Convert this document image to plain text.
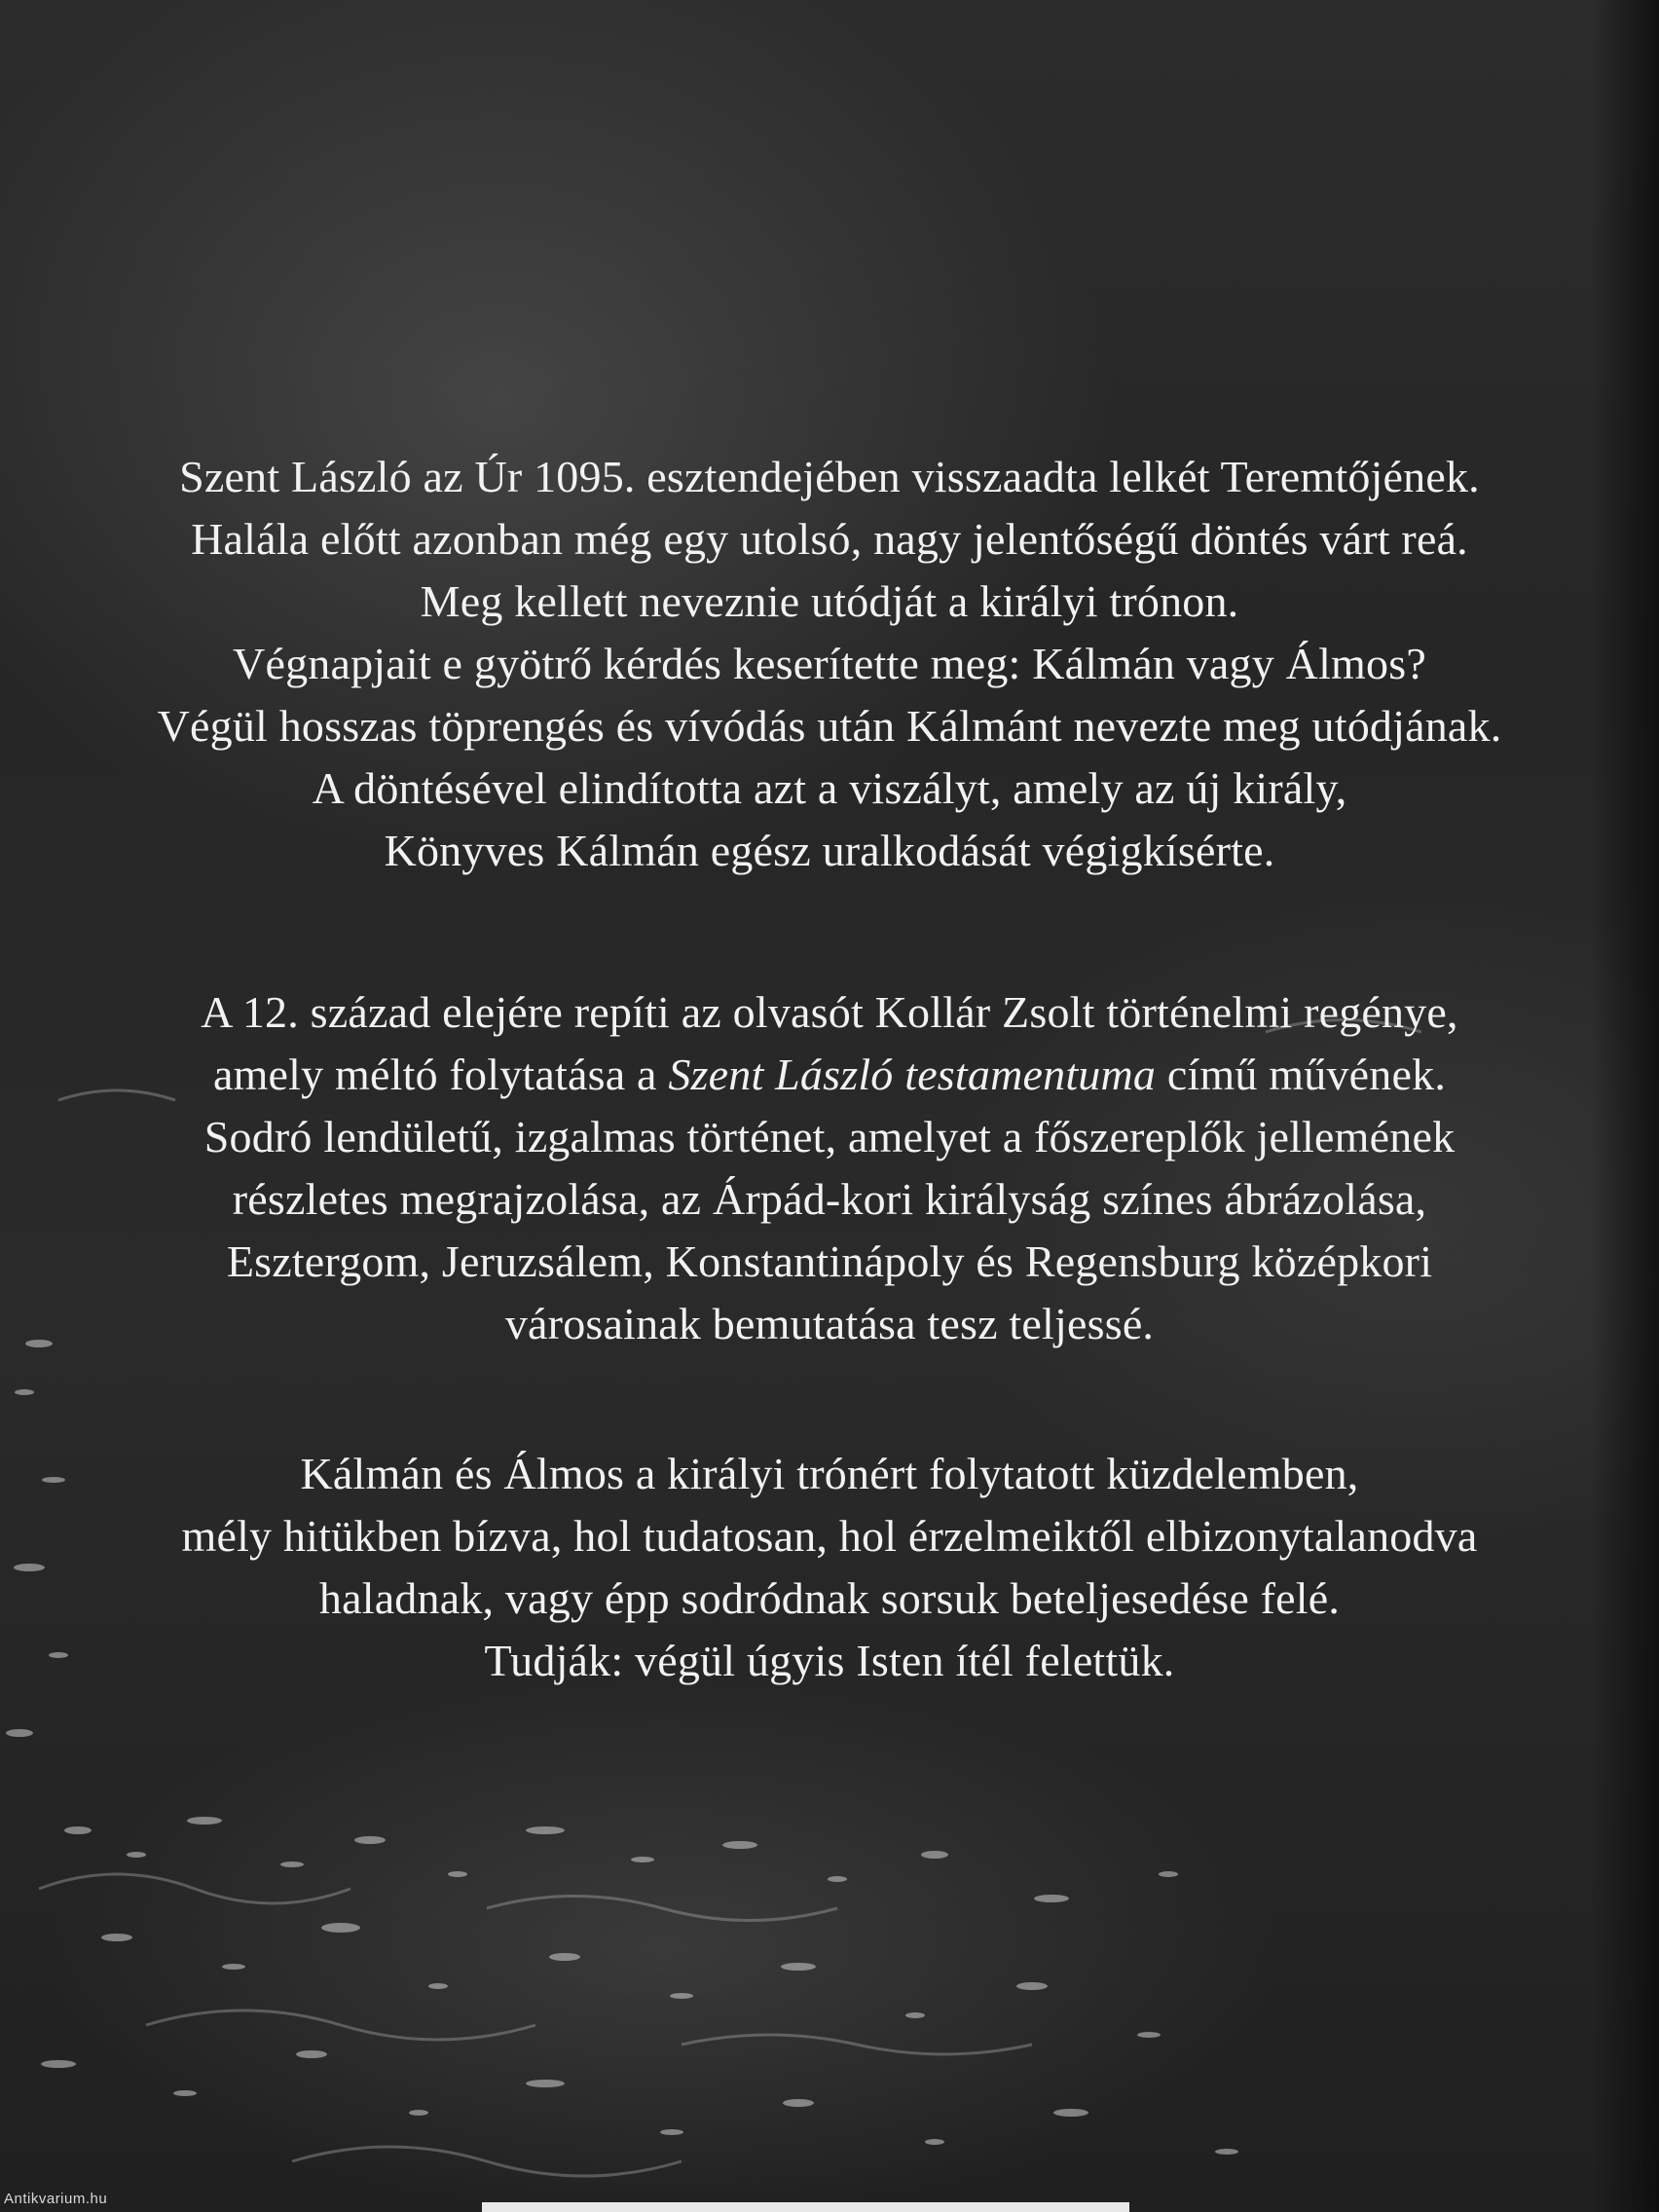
Szent László az Úr 1095. esztendejében visszaadta lelkét Teremtőjének.
Halála előtt azonban még egy utolsó, nagy jelentőségű döntés várt reá.
Meg kellett neveznie utódját a királyi trónon.
Végnapjait e gyötrő kérdés keserítette meg: Kálmán vagy Álmos?
Végül hosszas töprengés és vívódás után Kálmánt nevezte meg utódjának.
A döntésével elindította azt a viszályt, amely az új király,
Könyves Kálmán egész uralkodását végigkísérte.
A 12. század elejére repíti az olvasót Kollár Zsolt történelmi regénye,
amely méltó folytatása a Szent László testamentuma című művének.
Sodró lendületű, izgalmas történet, amelyet a főszereplők jellemének
részletes megrajzolása, az Árpád-kori királyság színes ábrázolása,
Esztergom, Jeruzsálem, Konstantinápoly és Regensburg középkori
városainak bemutatása tesz teljessé.
Kálmán és Álmos a királyi trónért folytatott küzdelemben,
mély hitükben bízva, hol tudatosan, hol érzelmeiktől elbizonytalanodva
haladnak, vagy épp sodródnak sorsuk beteljesedése felé.
Tudják: végül úgyis Isten ítél felettük.
Antikvarium.hu
